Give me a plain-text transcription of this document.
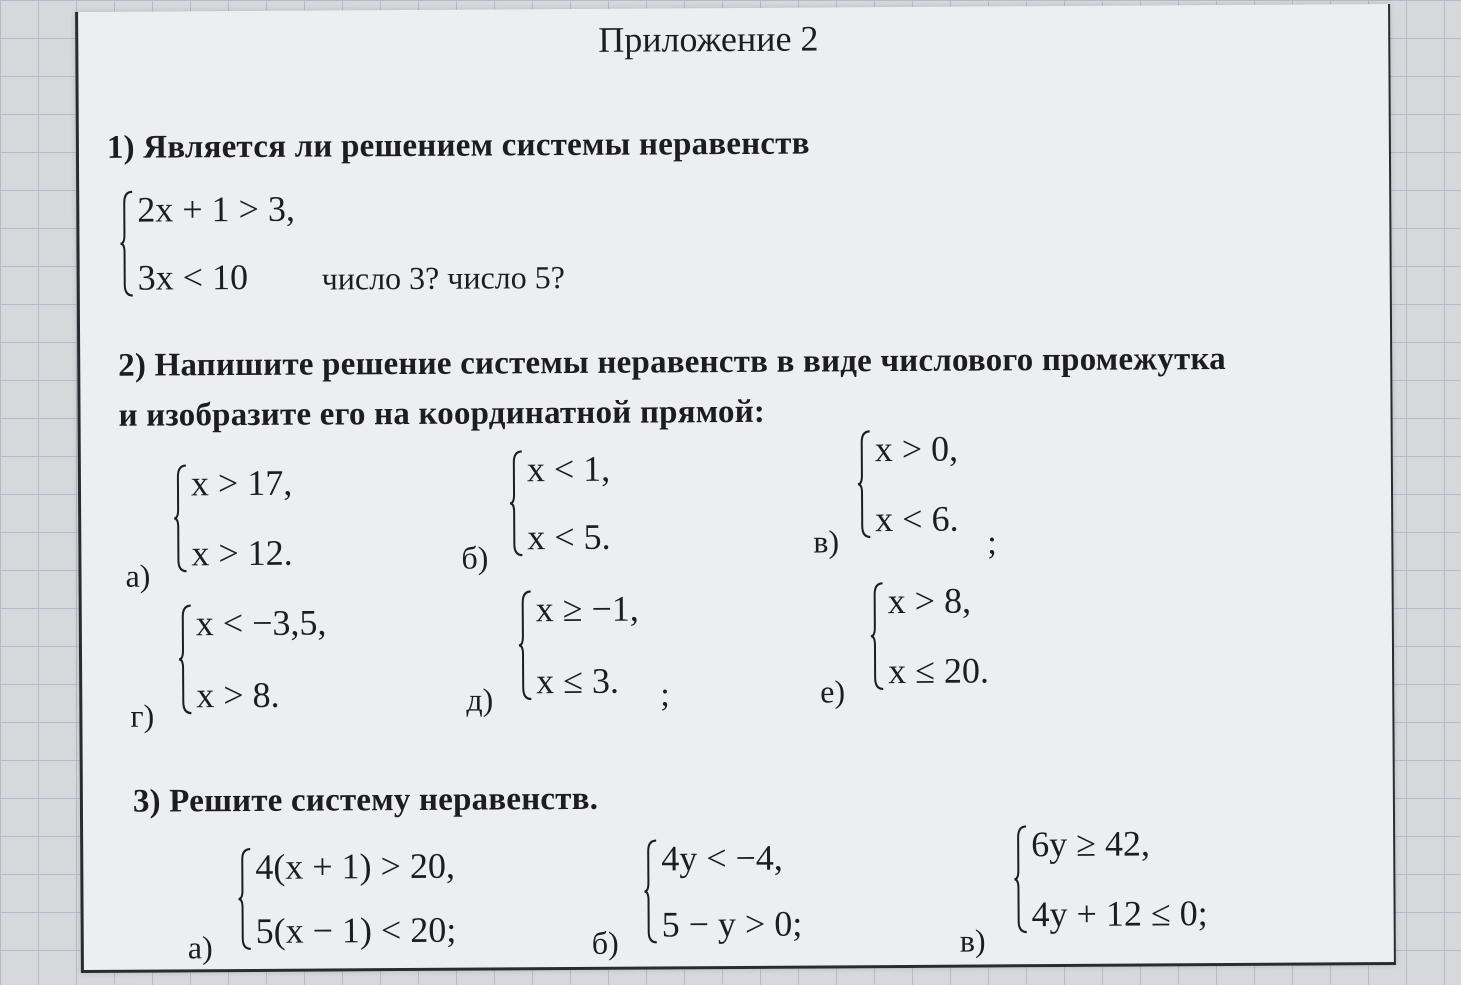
Приложение 2
1) Является ли решением системы неравенств
2x + 1 > 3,
3x < 10	число 3? число 5?
2) Напишите решение системы неравенств в виде числового промежутка
и изобразите его на координатной прямой:
а)
x > 17,
x > 12.	б)
x < 1,
x < 5.	в)
x > 0,
x < 6.
;
г)
x < −3,5,
x > 8.	д)
x ≥ −1,
x ≤ 3.	;	е)
x > 8,
x ≤ 20.
3) Решите систему неравенств.
а)
4(x + 1) > 20,
5(x − 1) < 20;	б)
4y < −4,
5 − y > 0;	в)
6y ≥ 42,
4y + 12 ≤ 0;
